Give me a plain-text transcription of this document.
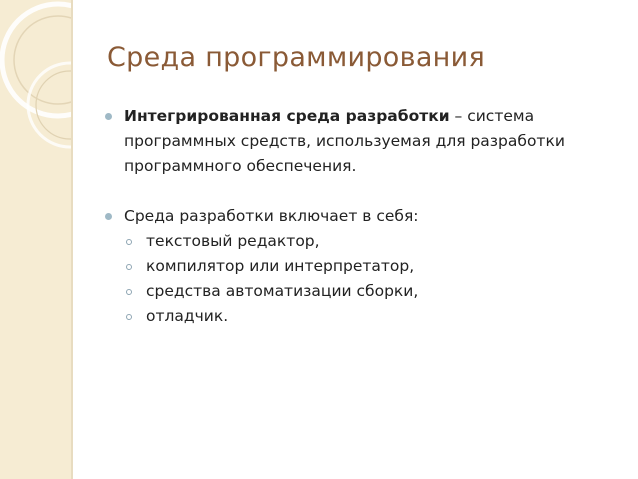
Среда программирования
Интегрированная среда разработки – система программных средств, используемая для разработки программного обеспечения.
Среда разработки включает в себя:
текстовый редактор,
компилятор или интерпретатор,
средства автоматизации сборки,
отладчик.
